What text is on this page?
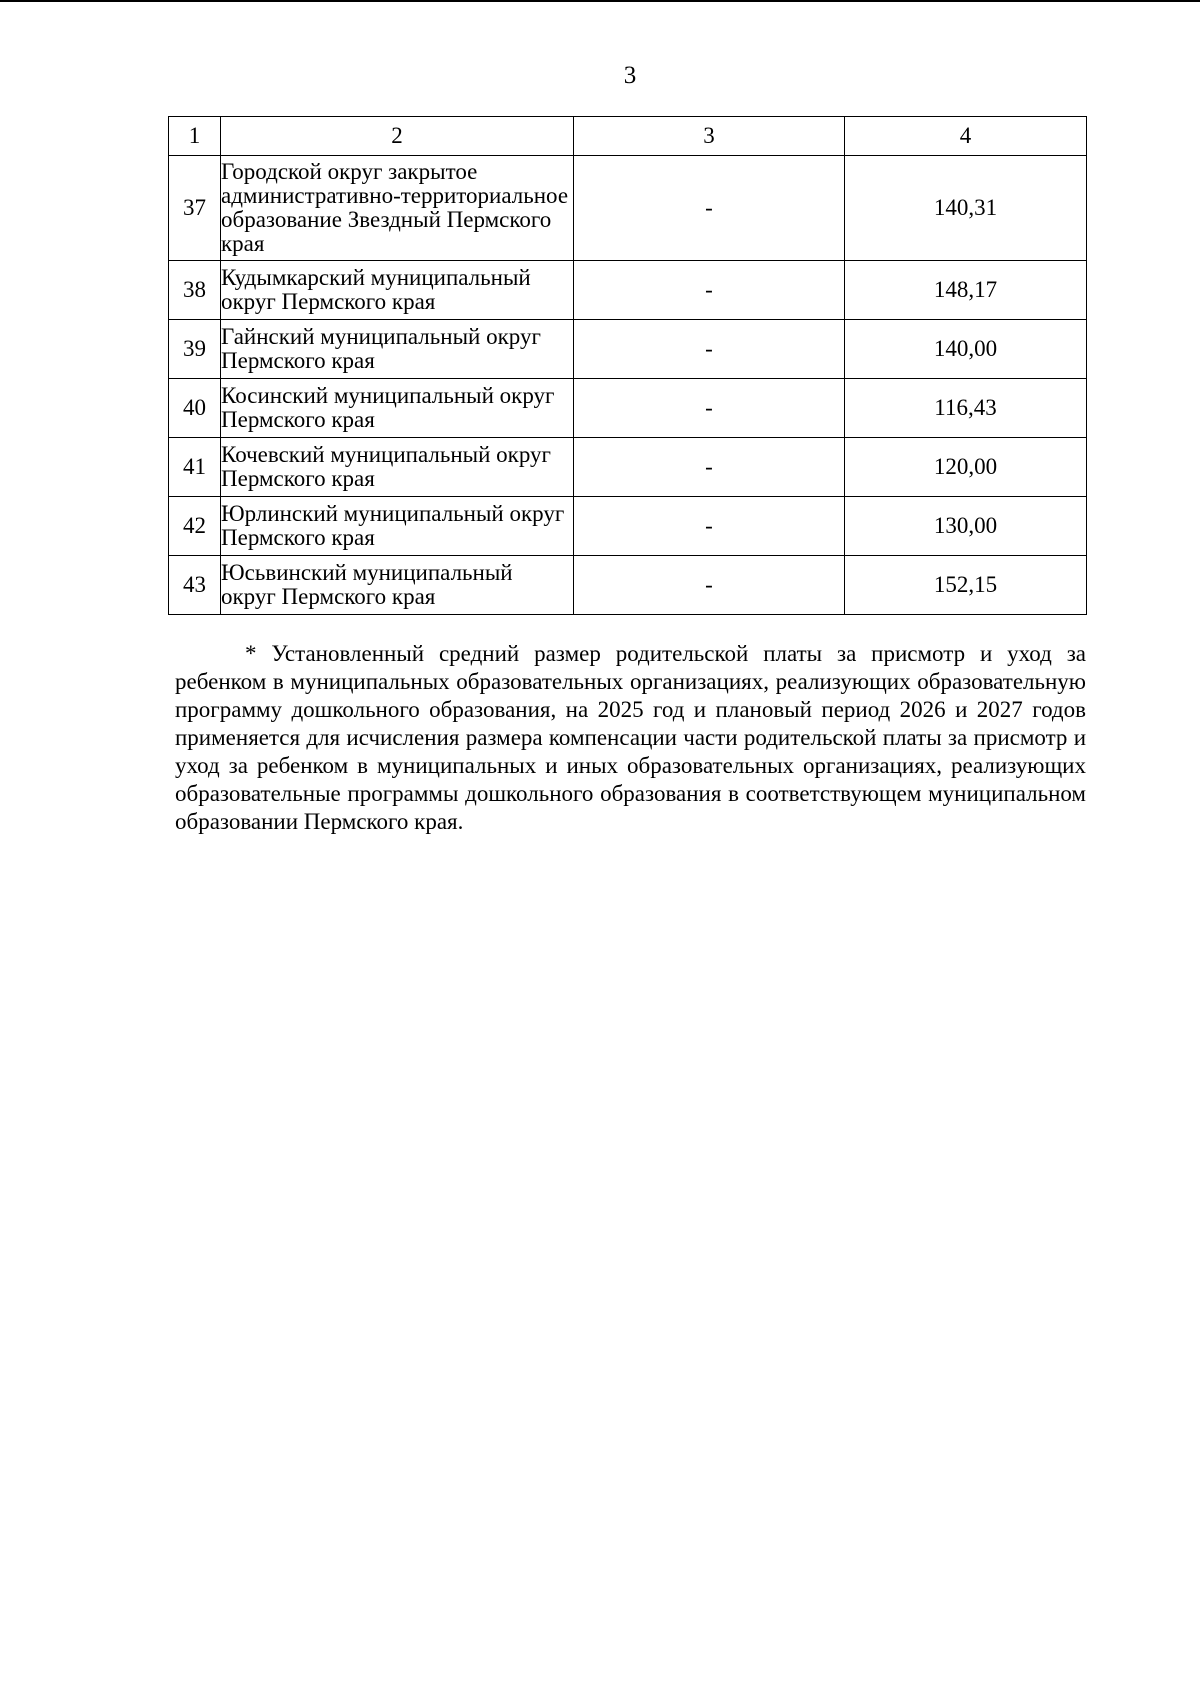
3
1	2	3	4
37	Городской округ закрытое административно-территориальное образование Звездный Пермского края	-	140,31
38	Кудымкарский муниципальный округ Пермского края	-	148,17
39	Гайнский муниципальный округ Пермского края	-	140,00
40	Косинский муниципальный округ Пермского края	-	116,43
41	Кочевский муниципальный округ Пермского края	-	120,00
42	Юрлинский муниципальный округ Пермского края	-	130,00
43	Юсьвинский муниципальный округ Пермского края	-	152,15

* Установленный средний размер родительской платы за присмотр и уход за ребенком в муниципальных образовательных организациях, реализующих образовательную программу дошкольного образования, на 2025 год и плановый период 2026 и 2027 годов применяется для исчисления размера компенсации части родительской платы за присмотр и уход за ребенком в муниципальных и иных образовательных организациях, реализующих образовательные программы дошкольного образования в соответствующем муниципальном образовании Пермского края.
